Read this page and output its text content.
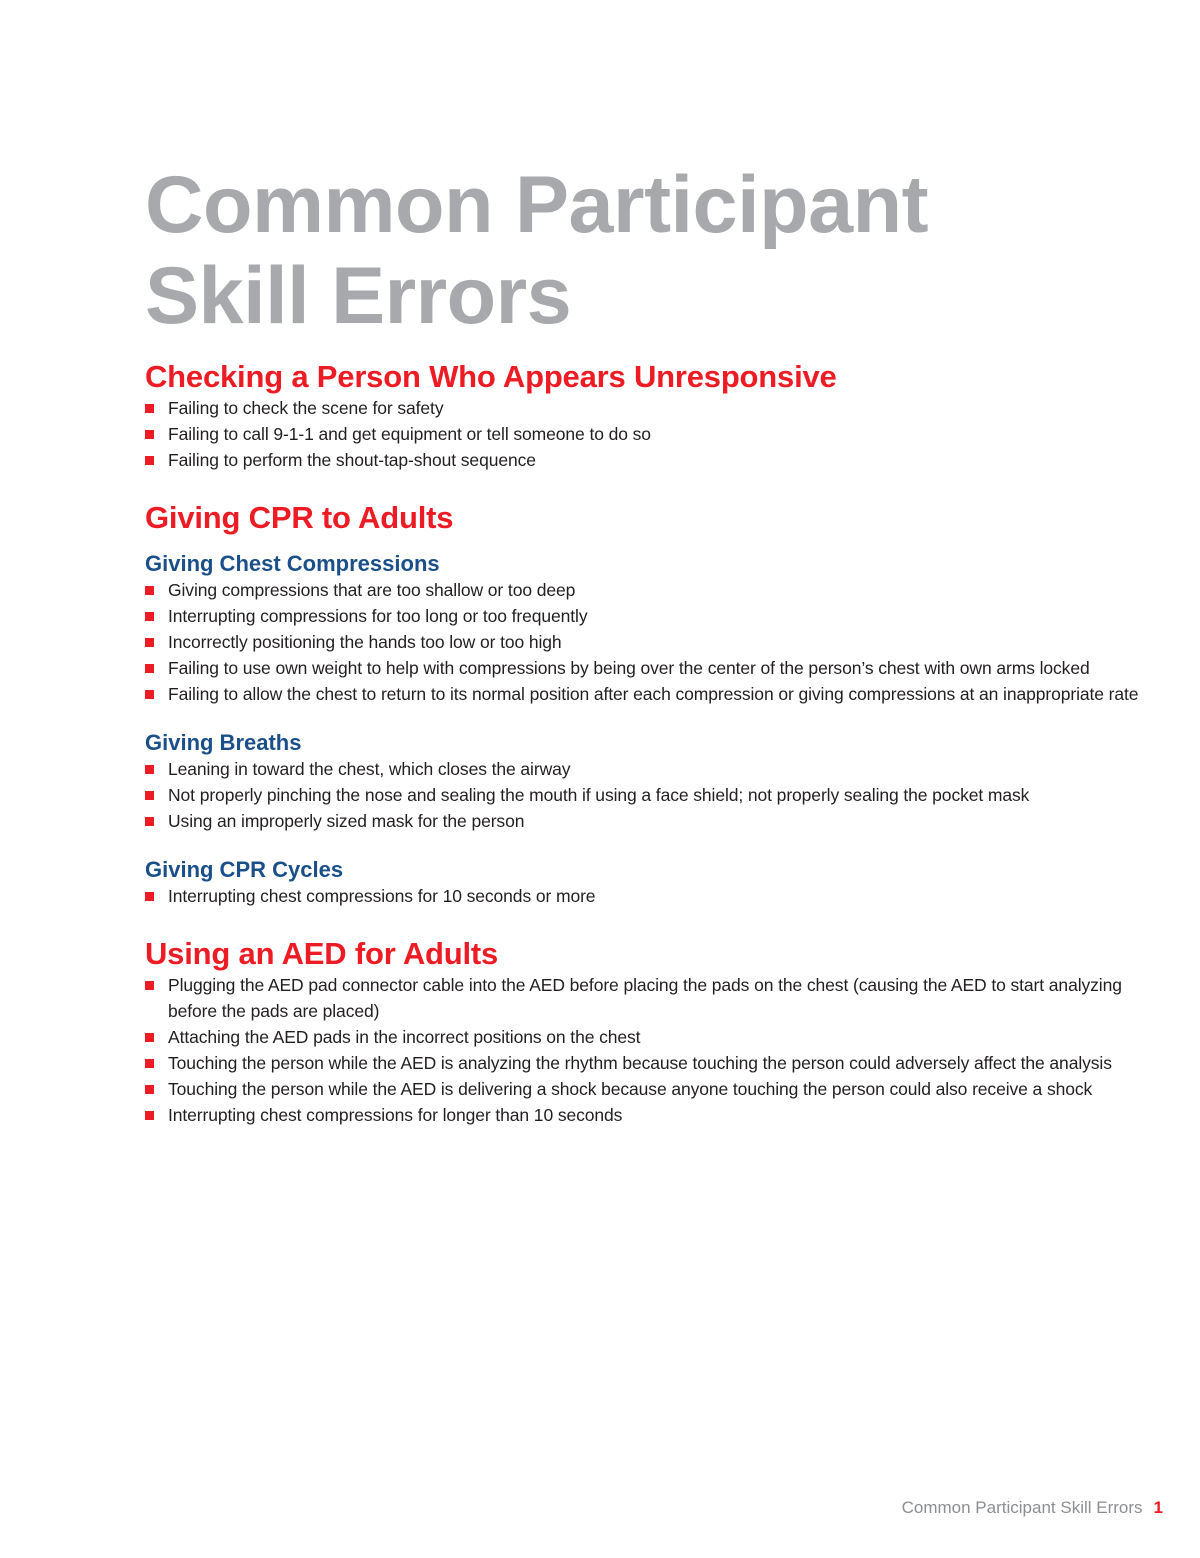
Common Participant
Skill Errors
Checking a Person Who Appears Unresponsive
Failing to check the scene for safety
Failing to call 9-1-1 and get equipment or tell someone to do so
Failing to perform the shout-tap-shout sequence
Giving CPR to Adults
Giving Chest Compressions
Giving compressions that are too shallow or too deep
Interrupting compressions for too long or too frequently
Incorrectly positioning the hands too low or too high
Failing to use own weight to help with compressions by being over the center of the person’s chest with own arms locked
Failing to allow the chest to return to its normal position after each compression or giving compressions at an inappropriate rate
Giving Breaths
Leaning in toward the chest, which closes the airway
Not properly pinching the nose and sealing the mouth if using a face shield; not properly sealing the pocket mask
Using an improperly sized mask for the person
Giving CPR Cycles
Interrupting chest compressions for 10 seconds or more
Using an AED for Adults
Plugging the AED pad connector cable into the AED before placing the pads on the chest (causing the AED to start analyzing before the pads are placed)
Attaching the AED pads in the incorrect positions on the chest
Touching the person while the AED is analyzing the rhythm because touching the person could adversely affect the analysis
Touching the person while the AED is delivering a shock because anyone touching the person could also receive a shock
Interrupting chest compressions for longer than 10 seconds
Common Participant Skill Errors 1
